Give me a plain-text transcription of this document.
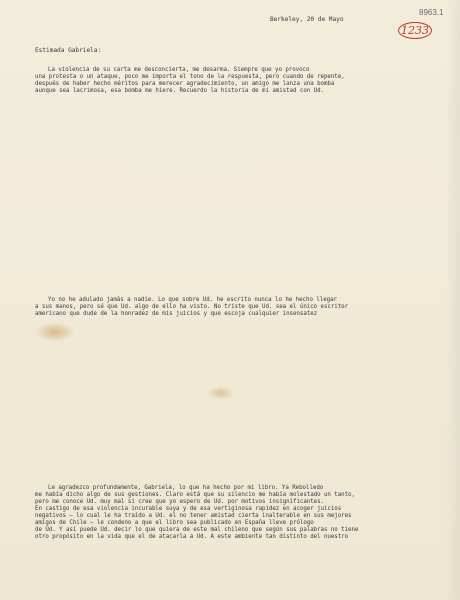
8963.1
1233
Berkeley, 20 de Mayo
Estimada Gabriela:
La violencia de su carta me desconcierta, me desarma. Siempre que yo provoco
una protesta o un ataque, poco me importa el tono de la respuesta, pero cuando de repente,
después de haber hecho méritos para merecer agradecimiento, un amigo me lanza una bomba
aunque sea lacrimosa, esa bomba me hiere. Recuerdo la historia de mi amistad con Ud.
Yo no he adulado jamás a nadie. Lo que sobre Ud. he escrito nunca lo he hecho llegar
a sus manos, pero sé que Ud. algo de ello ha visto. No triste que Ud. sea el único escritor
americano que dude de la honradez de mis juicios y que escoja cualquier insensatez
Le agradezco profundamente, Gabriela, lo que ha hecho por mi libro. Ya Rebolledo
me había dicho algo de sus gestiones. Claro está que su silencio me había molestado un tanto,
pero me conoce Ud. muy mal si cree que yo espero de Ud. por motivos insignificantes.
En castigo de esa violencia incurable suya y de esa vertiginosa rapidez en acoger juicios
negativos — lo cual le ha traído a Ud. el no tener amistad cierta inalterable en sus mejores
amigos de Chile — le condeno a que el libro sea publicado en España lleve prólogo
de Ud. Y así puede Ud. decir lo que quiera de este mal chileno que según sus palabras no tiene
otro propósito en la vida que el de atacarla a Ud. A este ambiente tan distinto del nuestro
